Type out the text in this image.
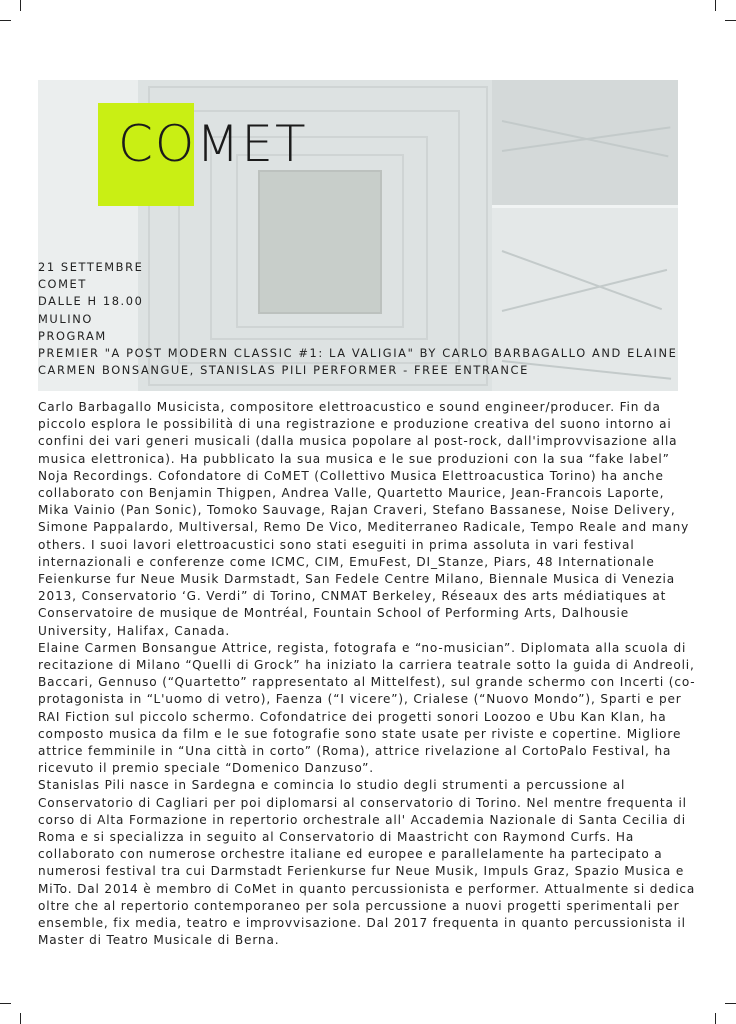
COMET
21 SETTEMBRE
COMET
DALLE H 18.00
MULINO
PROGRAM
PREMIER "A POST MODERN CLASSIC #1: LA VALIGIA" BY CARLO BARBAGALLO AND ELAINE
CARMEN BONSANGUE, STANISLAS PILI PERFORMER - FREE ENTRANCE

Carlo Barbagallo Musicista, compositore elettroacustico e sound engineer/producer. Fin da piccolo esplora le possibilità di una registrazione e produzione creativa del suono intorno ai confini dei vari generi musicali (dalla musica popolare al post-rock, dall'improvvisazione alla musica elettronica). Ha pubblicato la sua musica e le sue produzioni con la sua “fake label” Noja Recordings. Cofondatore di CoMET (Collettivo Musica Elettroacustica Torino) ha anche collaborato con Benjamin Thigpen, Andrea Valle, Quartetto Maurice, Jean-Francois Laporte, Mika Vainio (Pan Sonic), Tomoko Sauvage, Rajan Craveri, Stefano Bassanese, Noise Delivery, Simone Pappalardo, Multiversal, Remo De Vico, Mediterraneo Radicale, Tempo Reale and many others. I suoi lavori elettroacustici sono stati eseguiti in prima assoluta in vari festival internazionali e conferenze come ICMC, CIM, EmuFest, DI_Stanze, Piars, 48 Internationale Feienkurse fur Neue Musik Darmstadt, San Fedele Centre Milano, Biennale Musica di Venezia 2013, Conservatorio ‘G. Verdi” di Torino, CNMAT Berkeley, Réseaux des arts médiatiques at Conservatoire de musique de Montréal, Fountain School of Performing Arts, Dalhousie University, Halifax, Canada.

Elaine Carmen Bonsangue Attrice, regista, fotografa e “no-musician”. Diplomata alla scuola di recitazione di Milano “Quelli di Grock” ha iniziato la carriera teatrale sotto la guida di Andreoli, Baccari, Gennuso (“Quartetto” rappresentato al Mittelfest), sul grande schermo con Incerti (co-protagonista in “L'uomo di vetro), Faenza (“I vicere”), Crialese (“Nuovo Mondo”), Sparti e per RAI Fiction sul piccolo schermo. Cofondatrice dei progetti sonori Loozoo e Ubu Kan Klan, ha composto musica da film e le sue fotografie sono state usate per riviste e copertine. Migliore attrice femminile in “Una città in corto” (Roma), attrice rivelazione al CortoPalo Festival, ha ricevuto il premio speciale “Domenico Danzuso”.

Stanislas Pili nasce in Sardegna e comincia lo studio degli strumenti a percussione al Conservatorio di Cagliari per poi diplomarsi al conservatorio di Torino. Nel mentre frequenta il corso di Alta Formazione in repertorio orchestrale all' Accademia Nazionale di Santa Cecilia di Roma e si specializza in seguito al Conservatorio di Maastricht con Raymond Curfs. Ha collaborato con numerose orchestre italiane ed europee e parallelamente ha partecipato a numerosi festival tra cui Darmstadt Ferienkurse fur Neue Musik, Impuls Graz, Spazio Musica e MiTo. Dal 2014 è membro di CoMet in quanto percussionista e performer. Attualmente si dedica oltre che al repertorio contemporaneo per sola percussione a nuovi progetti sperimentali per ensemble, fix media, teatro e improvvisazione. Dal 2017 frequenta in quanto percussionista il Master di Teatro Musicale di Berna.
